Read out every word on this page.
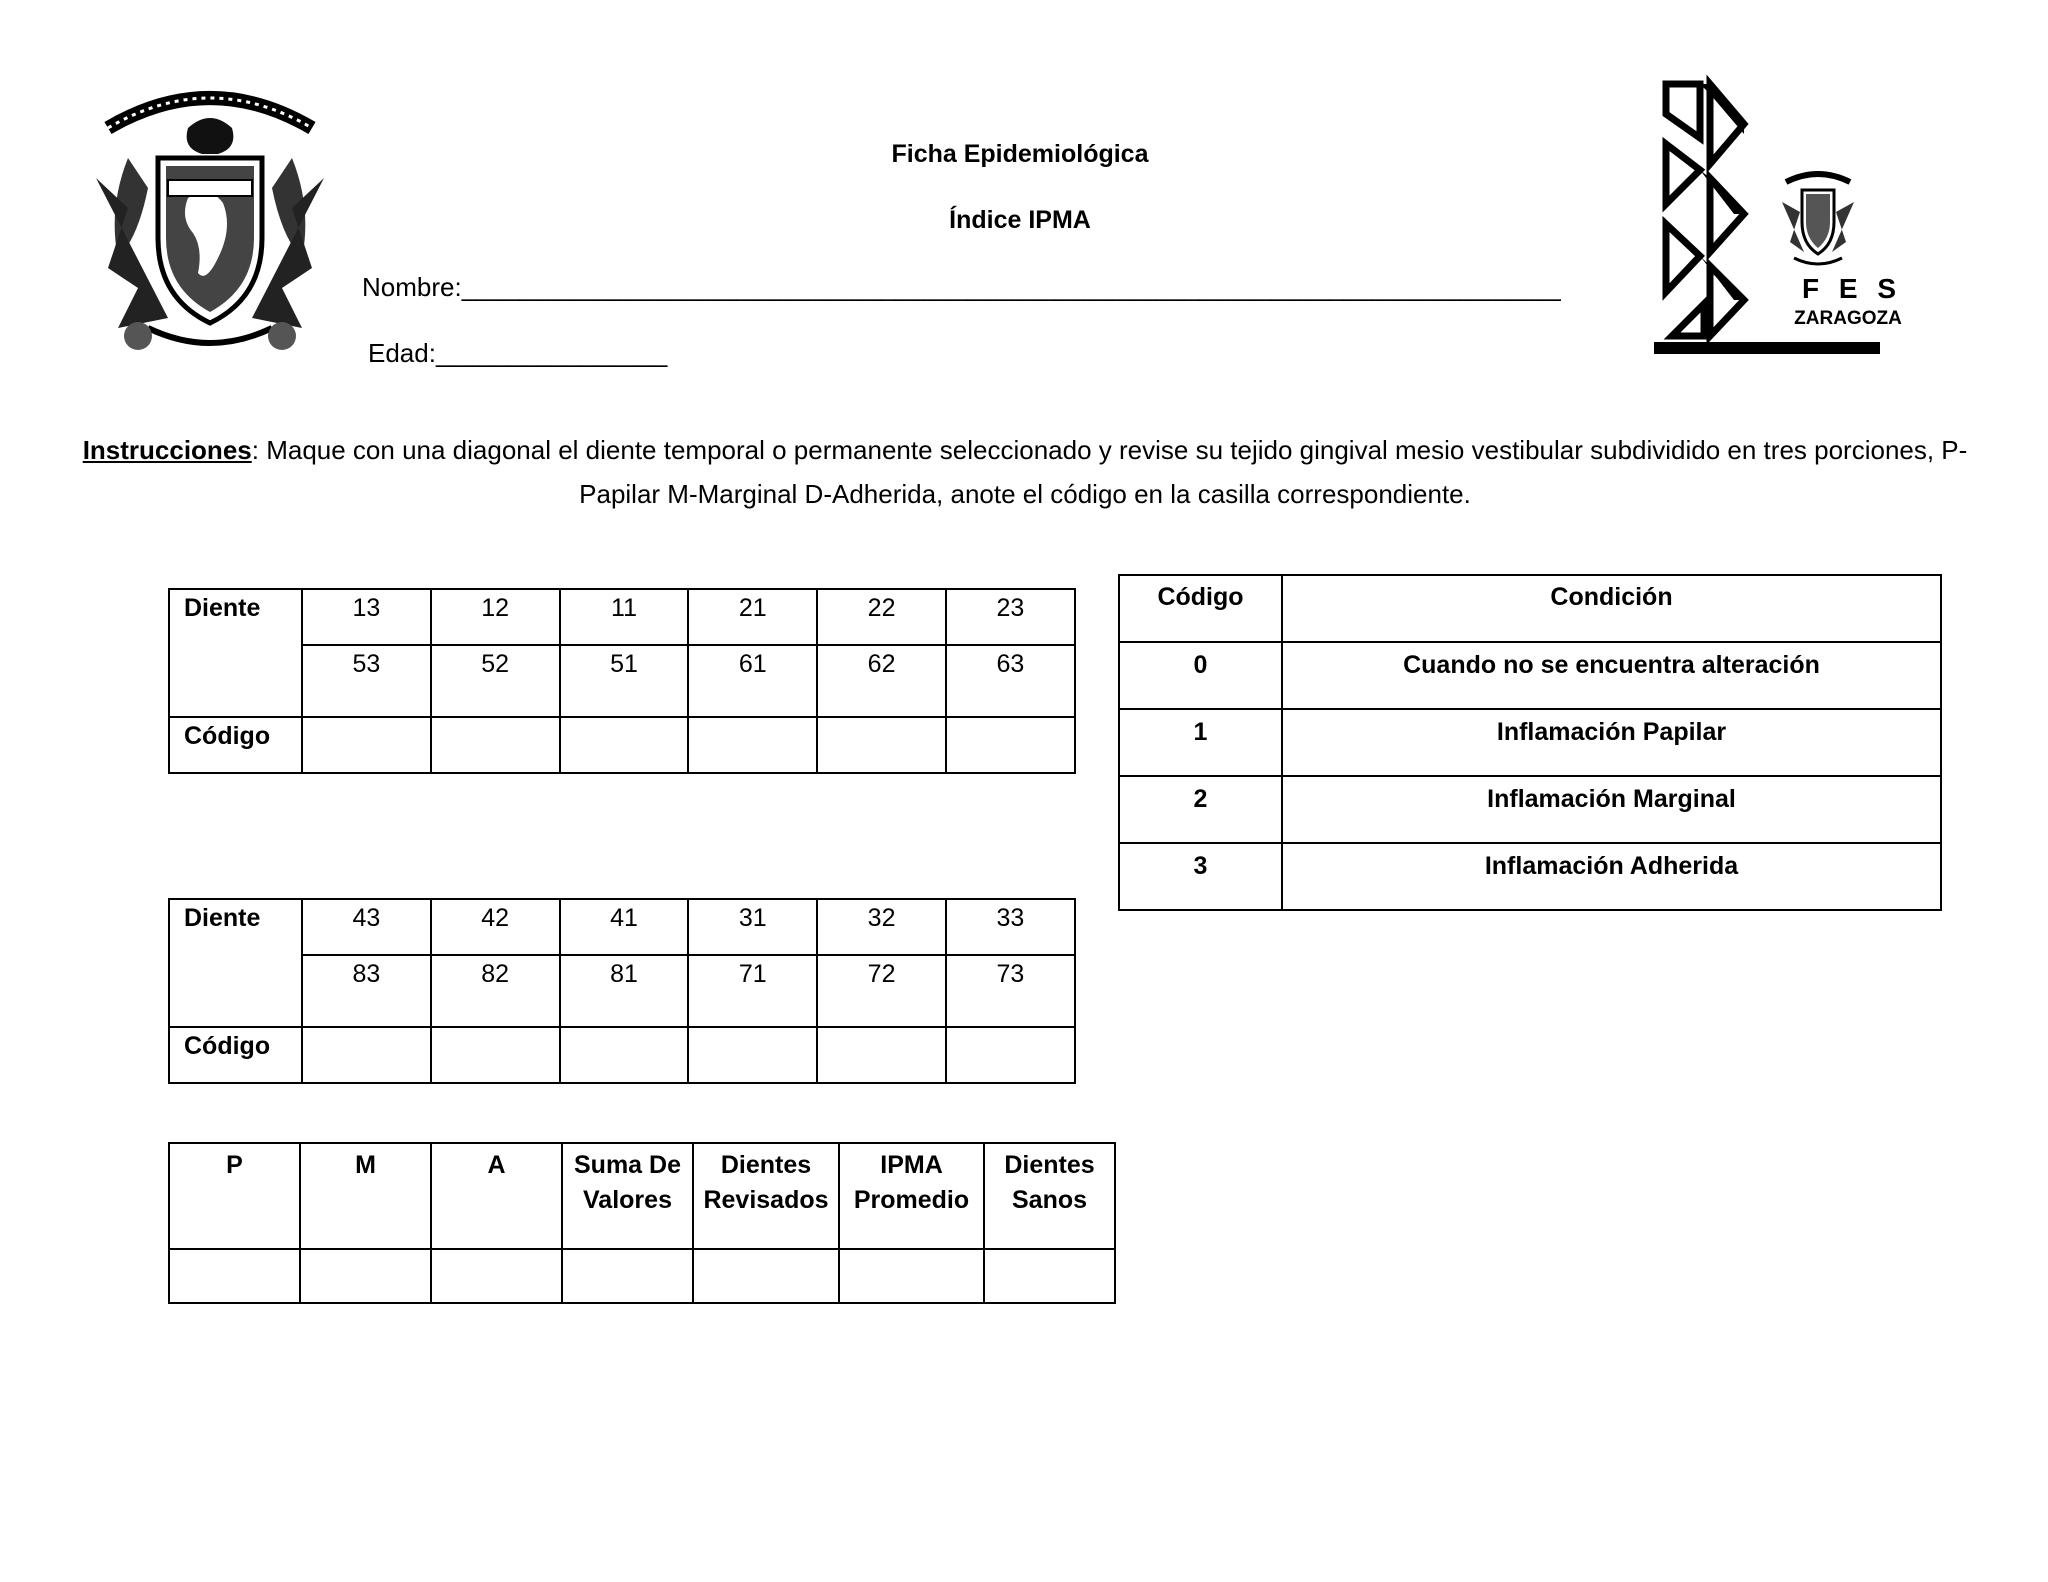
F E S
ZARAGOZA
Ficha Epidemiológica
Índice IPMA
Nombre:____________________________________________________________________________
Edad:________________
Instrucciones: Maque con una diagonal el diente temporal o permanente seleccionado y revise su tejido gingival mesio vestibular subdividido en tres porciones, P-Papilar M-Marginal D-Adherida, anote el código en la casilla correspondiente.
Diente	13	12	11	21	22	23
	53	52	51	61	62	63
Código						
Diente	43	42	41	31	32	33
	83	82	81	71	72	73
Código						
Código	Condición
0	Cuando no se encuentra alteración
1	Inflamación Papilar
2	Inflamación Marginal
3	Inflamación Adherida
P	M	A	Suma De Valores	Dientes Revisados	IPMA Promedio	Dientes Sanos
